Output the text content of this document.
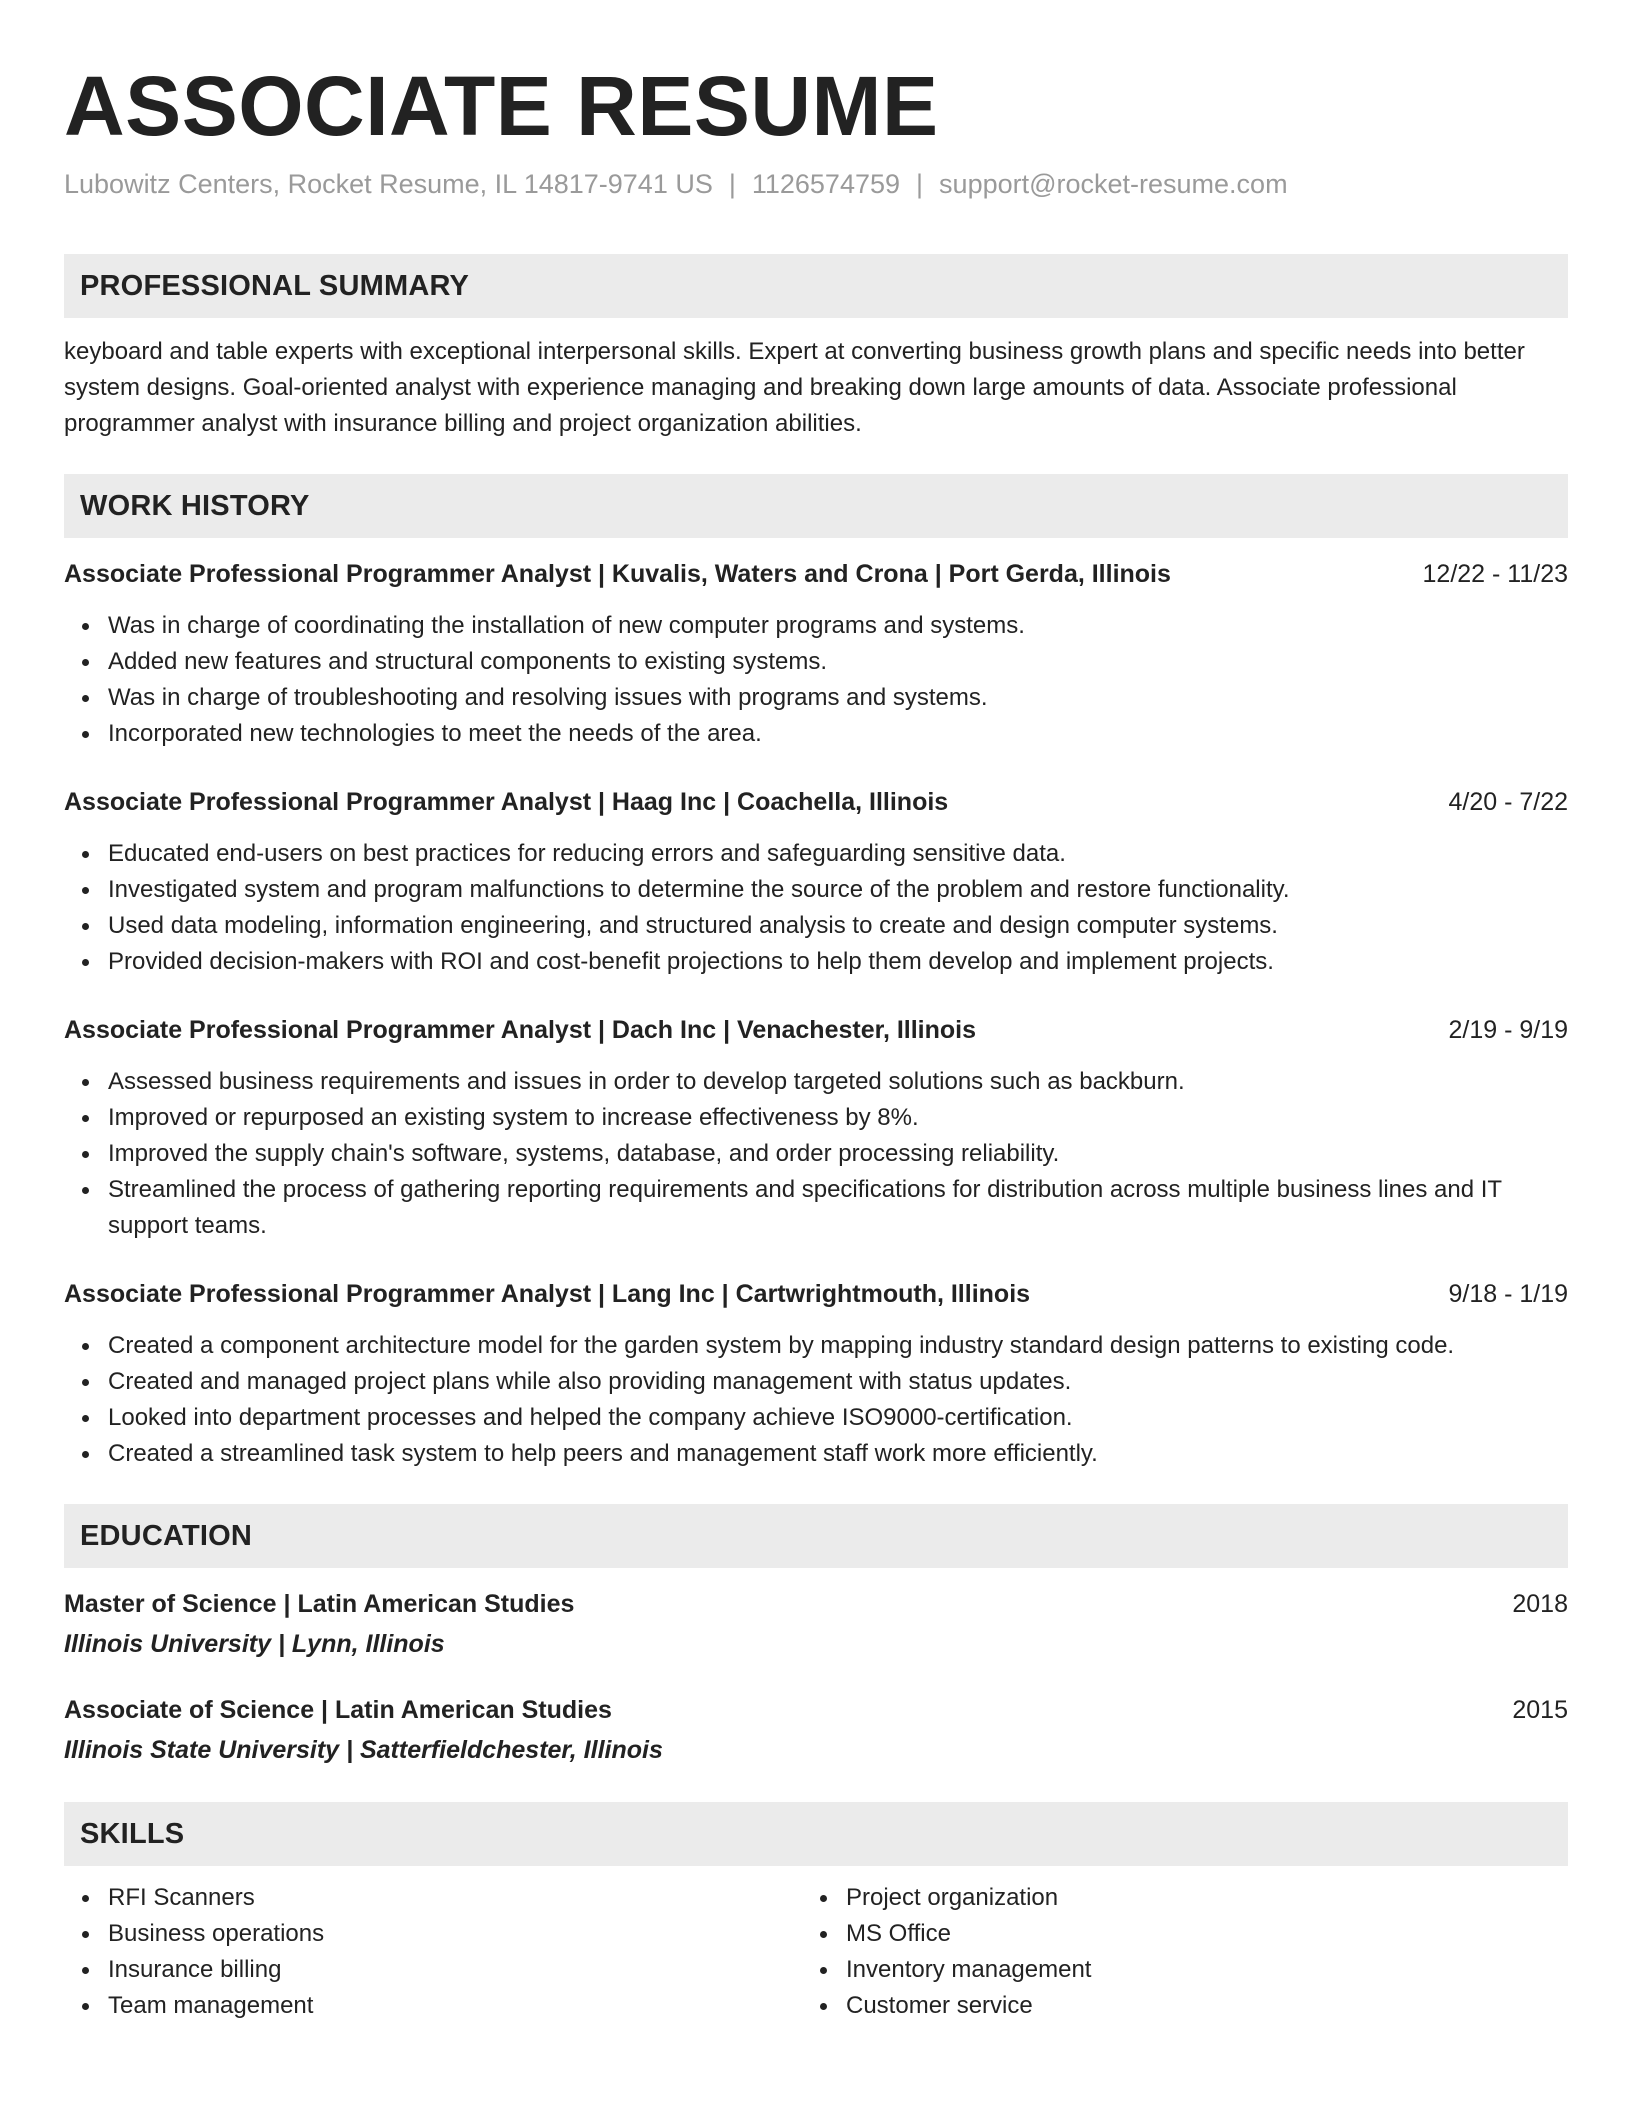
ASSOCIATE RESUME
Lubowitz Centers, Rocket Resume, IL 14817-9741 US | 1126574759 | support@rocket-resume.com
PROFESSIONAL SUMMARY
keyboard and table experts with exceptional interpersonal skills. Expert at converting business growth plans and specific needs into better system designs. Goal-oriented analyst with experience managing and breaking down large amounts of data. Associate professional programmer analyst with insurance billing and project organization abilities.
WORK HISTORY
Associate Professional Programmer Analyst | Kuvalis, Waters and Crona | Port Gerda, Illinois	12/22 - 11/23
Was in charge of coordinating the installation of new computer programs and systems.
Added new features and structural components to existing systems.
Was in charge of troubleshooting and resolving issues with programs and systems.
Incorporated new technologies to meet the needs of the area.
Associate Professional Programmer Analyst | Haag Inc | Coachella, Illinois	4/20 - 7/22
Educated end-users on best practices for reducing errors and safeguarding sensitive data.
Investigated system and program malfunctions to determine the source of the problem and restore functionality.
Used data modeling, information engineering, and structured analysis to create and design computer systems.
Provided decision-makers with ROI and cost-benefit projections to help them develop and implement projects.
Associate Professional Programmer Analyst | Dach Inc | Venachester, Illinois	2/19 - 9/19
Assessed business requirements and issues in order to develop targeted solutions such as backburn.
Improved or repurposed an existing system to increase effectiveness by 8%.
Improved the supply chain's software, systems, database, and order processing reliability.
Streamlined the process of gathering reporting requirements and specifications for distribution across multiple business lines and IT support teams.
Associate Professional Programmer Analyst | Lang Inc | Cartwrightmouth, Illinois	9/18 - 1/19
Created a component architecture model for the garden system by mapping industry standard design patterns to existing code.
Created and managed project plans while also providing management with status updates.
Looked into department processes and helped the company achieve ISO9000-certification.
Created a streamlined task system to help peers and management staff work more efficiently.
EDUCATION
Master of Science | Latin American Studies	2018
Illinois University | Lynn, Illinois
Associate of Science | Latin American Studies	2015
Illinois State University | Satterfieldchester, Illinois
SKILLS
RFI Scanners
Business operations
Insurance billing
Team management
Project organization
MS Office
Inventory management
Customer service
